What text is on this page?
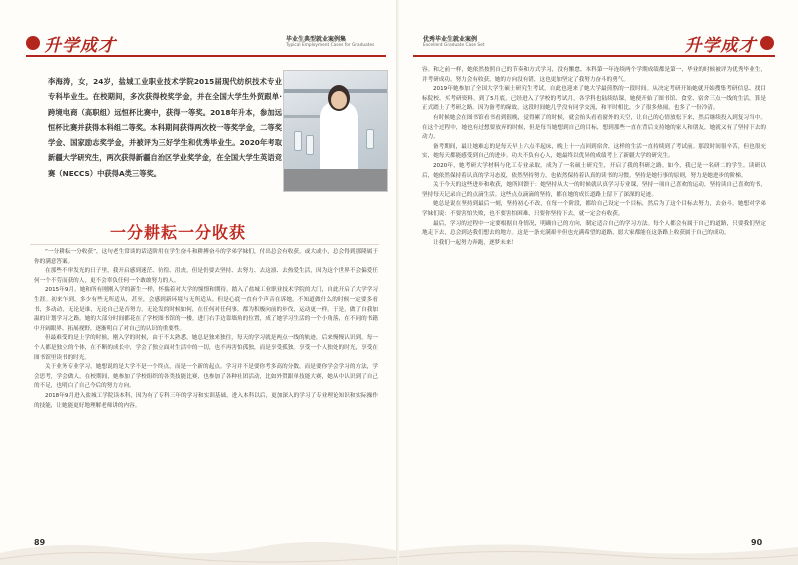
升学成才	毕业生典型就业案例集
Typical Employment Cases for Graduates
李海涛，女，24岁，盐城工业职业技术学院2015届现代纺织技术专业专科毕业生。在校期间，多次获得校奖学金，并在全国大学生外贸跟单·跨境电商（高职组）远恒杯比赛中，获得一等奖。2018年升本，参加远恒杯比赛并获得本科组二等奖。本科期间获得两次校一等奖学金，二等奖学金、国家励志奖学金，并被评为三好学生和优秀毕业生。2020年考取新疆大学研究生，两次获得新疆自治区学业奖学金，在全国大学生英语竞赛（NECCS）中获得A类三等奖。
一分耕耘一分收获

“一分耕耘一分收获”，这句老生常谈的话适阶用在学生奋斗和耕搏奋斗的学弟学妹们，付出总会有收获，或大或小，总会得到那隆属于你的满意答案。

在那些不审发光的日子里，我开启感到迷茫、彷徨、沮丧，但是仍要去坚持、去努力、去这凛、去热爱生活，因为这个世界不会偏爱任何一个不劳而获的人，更不会辜负任何一个敢敢努力的人。

2015年9月，她和所有刚刚入学的新生一样，怀揣着对大学的憧憬和期待，踏入了盐城工业职业技术学院的大门，自此开启了大学学习生涯。初来乍到，多少有些无所适从，甚至，会感到新环境与无所适从。但是心底一直有个声音在诉她，不知道做什么的时候一定要多看书，多动动，无论是谁，无论自己是否努力，无论发的时候如何，在任何对任何事，都为积极向前的步伐，运动更一样。于是，做了自我加温的计划学习之路。她的大部分时间都花在了学校图书馆的一楼。进门右手边靠墙角的位置，成了她学习生活的一个小角落，在不同的书籍中开阔眼界、拓展视野，逐渐明白了对自己的认识的重要性。

但最难受的是上学的时候，刚入学的时候，由于不太熟悉，她总是独来独往，每天的学习就是两点一线的轨迹，后来慢慢认识到，每一个人都是独立的个体，在不断的成长中，学会了独立面对生活中的一切，也不再害怕孤独，而是享受孤独。享受一个人独处的时光，享受在图书馆里读书的时光。

关于业务专业学习，她想说的是大学不是一个终点，而是一个新的起点。学习并不是要你考多高的分数，而是要你学会学习的方法，学会思考，学会做人。在校期间，她参加了学校组织的各类技能比赛，也参加了各种社团活动，比如外贸跟单技能大赛，她从中认识到了自己的不足，也明白了自己今后的努力方向。

2018年9月进入盐城工学院读本科，因为有了专科三年的学习和实训基础，进入本科以后，更加深入的学习了专业理论知识和实际操作的技能，让她能更好地理解老师讲的内容。

89
优秀毕业生就业案例
Excellent Graduate Case Set	升学成才
90

容。和之前一样，她依然按照自己的节奏和方式学习，没有懈怠。本科第一年连续两个学期成绩都是第一，毕业的时候被评为优秀毕业生，并考研成功。努力会有收获，她的方向没有错，这也更加坚定了我努力奋斗的勇气。

2019年她参加了全国大学生硕士研究生考试，自此也迎来了她大学最煎熬的一段时间。从决定考研开始她就开始搜集考研信息、找目标院校、买考研资料，到了5月底，已经进入了学校的考试月，各学科也陆续结课，她便开始了图书馆、食堂、宿舍三点一线的生活，算是正式踏上了考研之路。因为备考的缘故，这段时间她几乎没有同学交流，和平时相比，少了很多热闹，也多了一份冷清。

有时候她会在图书馆看书看到很晚，觉得累了的时候，就会抬头看看窗外的天空，让自己的心情放松下来，然后继续投入到复习当中。在这个过程中，她也有过想要放弃的时候，但是每当她想到自己的目标，想到那些一直在背后支持她的家人和朋友，她就又有了坚持下去的动力。

备考期间，最让她难忘的是每天早上六点半起床，晚上十一点回到宿舍，这样的生活一直持续到了考试前。那段时间很辛苦，但也很充实，她每天都能感受到自己的进步。功夫不负有心人，她最终以优异的成绩考上了新疆大学的研究生。

2020年，她考研大学材料与化工专业录取，成为了一名硕士研究生，开启了我的科研之路。如今，我已是一名研二的学生。读研以后，她依然保持着认真的学习态度，依然坚持努力，也依然保持着认真的读书的习惯。坚持是她行事的原则，努力是她进步的阶梯。

关于今天的这些进步和收获，她所回馈于：她坚持从大一的时候就认真学习专业课，坚持一项自己喜欢的运动，坚持读自己喜欢的书，坚持每天记录自己的点滴生活。这些点点滴滴的坚持，都在她的成长道路上留下了深深的足迹。

她总是说在坚持到最后一刻，坚持初心不改，在每一个阶段，都给自己设定一个目标，然后为了这个目标去努力，去奋斗。她想对学弟学妹们说：不要害怕失败，也不要害怕困难，只要你坚持下去，就一定会有收获。

最后，学习的过程中一定要根据自身情况，明确自己的方向，制定适合自己的学习方法。每个人都会有属于自己的道路，只要我们坚定地走下去，总会到达我们想去的地方。这是一条充满艰辛但也充满希望的道路，愿大家都能在这条路上收获属于自己的成功。

让我们一起努力奔跑，逐梦未来！
